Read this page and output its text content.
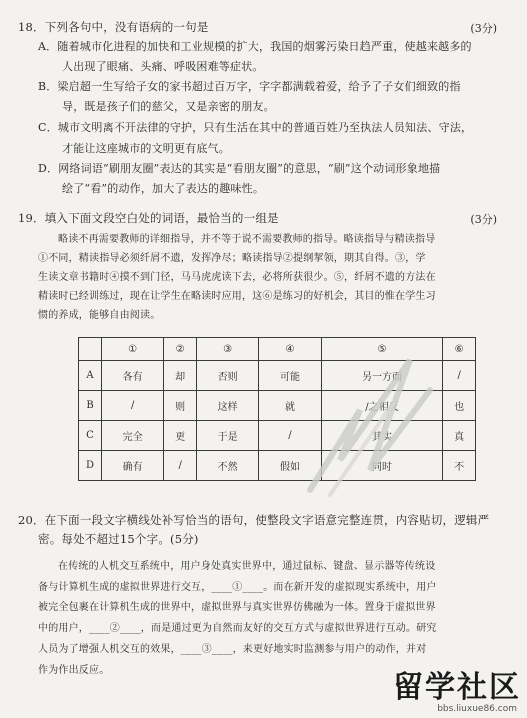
18．下列各句中，没有语病的一句是	(3分)
A．随着城市化进程的加快和工业规模的扩大，我国的烟雾污染日趋严重，使越来越多的
人出现了眼痛、头痛、呼吸困难等症状。
B．梁启超一生写给子女的家书超过百万字，字字都满载着爱，给予了子女们细致的指
导，既是孩子们的慈父，又是亲密的朋友。
C．城市文明离不开法律的守护，只有生活在其中的普通百姓乃至执法人员知法、守法，
才能让这座城市的文明更有底气。
D．网络词语“刷朋友圈”表达的其实是“看朋友圈”的意思，“刷”这个动词形象地描
绘了“看”的动作，加大了表达的趣味性。
19．填入下面文段空白处的词语，最恰当的一组是	(3分)
略读不再需要教师的详细指导，并不等于说不需要教师的指导。略读指导与精读指导
①不同，精读指导必须纤屑不遗，发挥净尽；略读指导②提纲挈领，期其自得。③，学
生读文章书籍时④摸不到门径，马马虎虎读下去，必将所获很少。⑤，纤屑不遗的方法在
精读时已经训练过，现在让学生在略读时应用，这⑥是练习的好机会，其目的惟在学生习
惯的养成，能够自由阅读。
	①	②	③	④	⑤	⑥
A	各有	却	否则	可能	另一方面	/
B	/	则	这样	就	/之相反	也
C	完全	更	于是	/	其实	真
D	确有	/	不然	假如	同时	不
20．在下面一段文字横线处补写恰当的语句，使整段文字语意完整连贯，内容贴切，逻辑严
密。每处不超过15个字。(5分)
在传统的人机交互系统中，用户身处真实世界中，通过鼠标、键盘、显示器等传统设
备与计算机生成的虚拟世界进行交互，____①____。而在新开发的虚拟现实系统中，用户
被完全包裹在计算机生成的世界中，虚拟世界与真实世界仿佛融为一体。置身于虚拟世界
中的用户，____②____，而是通过更为自然而友好的交互方式与虚拟世界进行互动。研究
人员为了增强人机交互的效果，____③____，来更好地实时监测参与用户的动作，并对
作为作出反应。	留学社区
bbs.liuxue86.com
